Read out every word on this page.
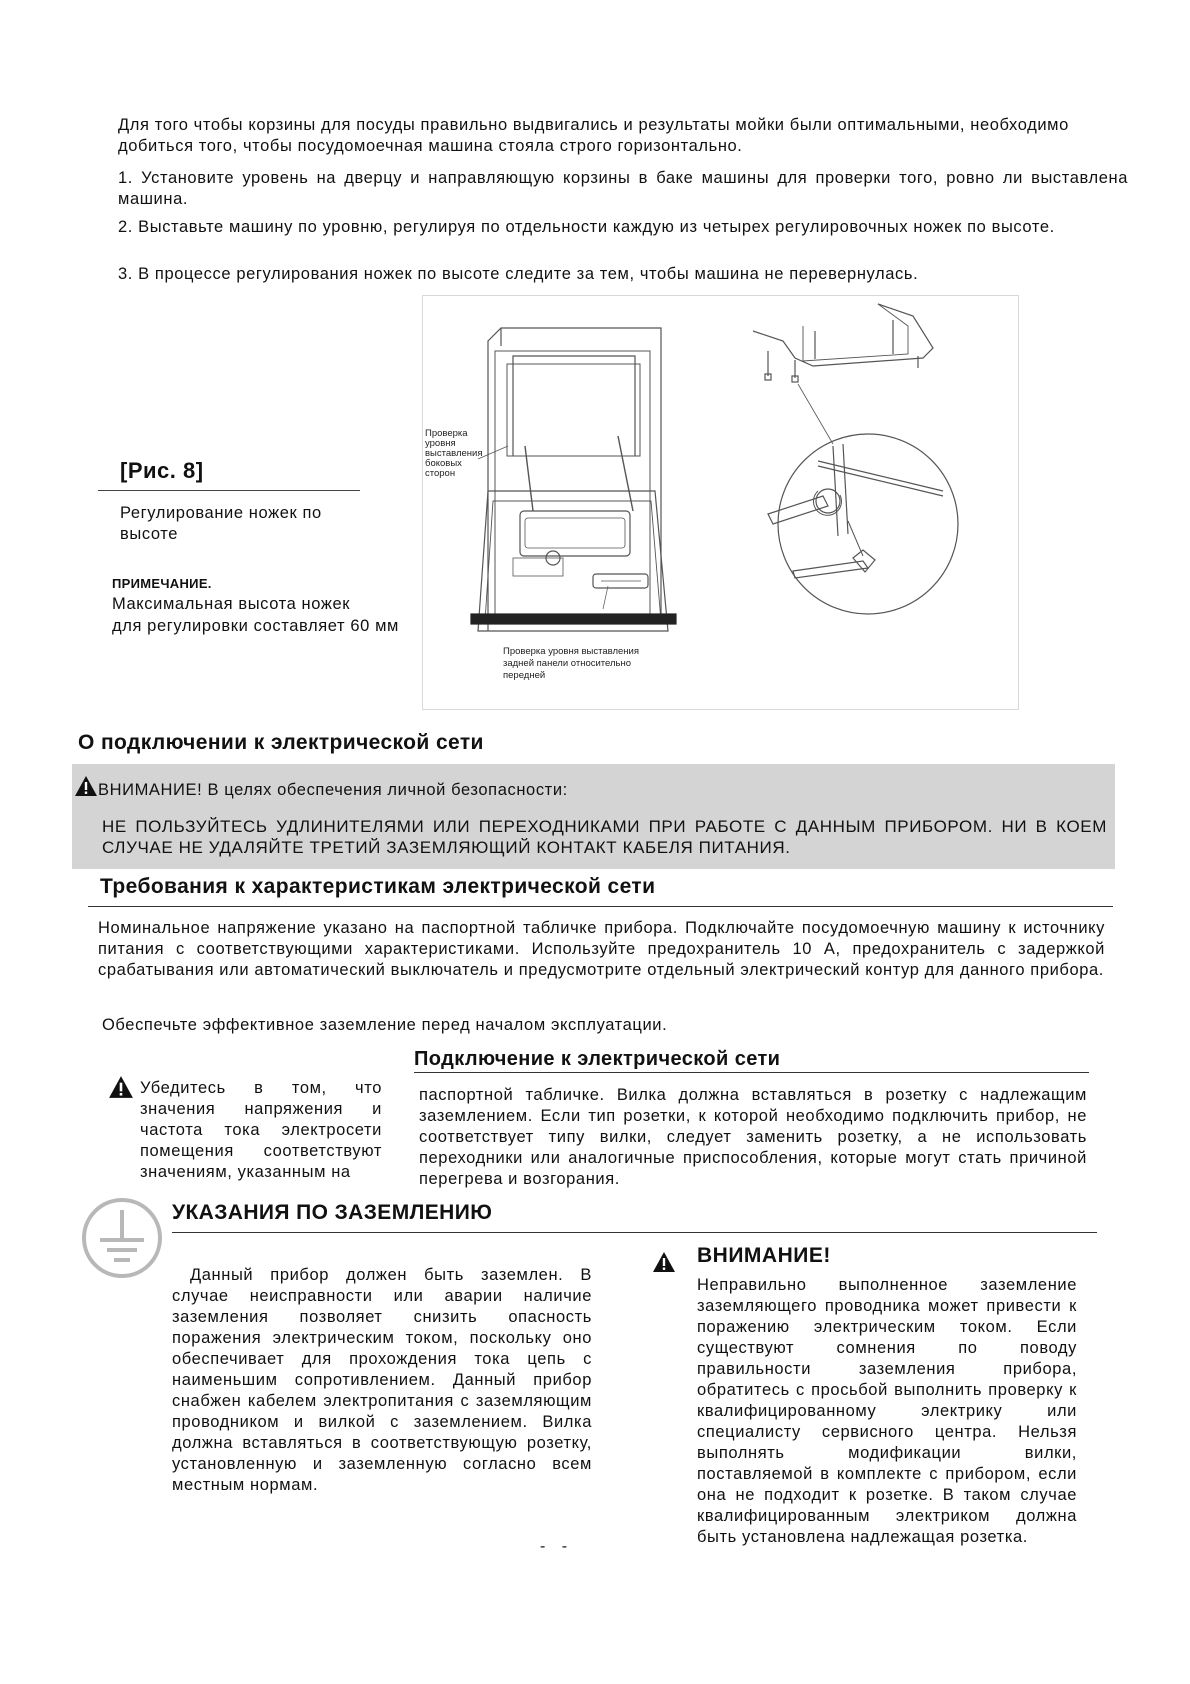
Для того чтобы корзины для посуды правильно выдвигались и результаты мойки были оптимальными, необходимо добиться того, чтобы посудомоечная машина стояла строго горизонтально.
1. Установите уровень на дверцу и направляющую корзины в баке машины для проверки того, ровно ли выставлена машина.
2. Выставьте машину по уровню, регулируя по отдельности каждую из четырех регулировочных ножек по высоте.
3. В процессе регулирования ножек по высоте следите за тем, чтобы машина не перевернулась.
[Рис. 8]
Регулирование ножек по высоте
ПРИМЕЧАНИЕ.
Максимальная высота ножек
для регулировки составляет 60 мм
Проверка
уровня
выставления
боковых
сторон
Проверка уровня выставления
задней панели относительно
передней
О подключении к электрической сети
ВНИМАНИЕ! В целях обеспечения личной безопасности:
НЕ ПОЛЬЗУЙТЕСЬ УДЛИНИТЕЛЯМИ ИЛИ ПЕРЕХОДНИКАМИ ПРИ РАБОТЕ С ДАННЫМ ПРИБОРОМ. НИ В КОЕМ СЛУЧАЕ НЕ УДАЛЯЙТЕ ТРЕТИЙ ЗАЗЕМЛЯЮЩИЙ КОНТАКТ КАБЕЛЯ ПИТАНИЯ.
Требования к характеристикам электрической сети
Номинальное напряжение указано на паспортной табличке прибора. Подключайте посудомоечную машину к источнику питания с соответствующими характеристиками. Используйте предохранитель 10 А, предохранитель с задержкой срабатывания или автоматический выключатель и предусмотрите отдельный электрический контур для данного прибора.
Обеспечьте эффективное заземление перед началом эксплуатации.
Подключение к электрической сети
Убедитесь в том, что значения напряжения и частота тока электросети помещения соответствуют значениям, указанным на
паспортной табличке. Вилка должна вставляться в розетку с надлежащим заземлением. Если тип розетки, к которой необходимо подключить прибор, не соответствует типу вилки, следует заменить розетку, а не использовать переходники или аналогичные приспособления, которые могут стать причиной перегрева и возгорания.
УКАЗАНИЯ ПО ЗАЗЕМЛЕНИЮ
Данный прибор должен быть заземлен. В случае неисправности или аварии наличие заземления позволяет снизить опасность поражения электрическим током, поскольку оно обеспечивает для прохождения тока цепь с наименьшим сопротивлением. Данный прибор снабжен кабелем электропитания с заземляющим проводником и вилкой с заземлением. Вилка должна вставляться в соответствующую розетку, установленную и заземленную согласно всем местным нормам.
ВНИМАНИЕ!
Неправильно выполненное заземление заземляющего проводника может привести к поражению электрическим током. Если существуют сомнения по поводу правильности заземления прибора, обратитесь с просьбой выполнить проверку к квалифицированному электрику или специалисту сервисного центра. Нельзя выполнять модификации вилки, поставляемой в комплекте с прибором, если она не подходит к розетке. В таком случае квалифицированным электриком должна быть установлена надлежащая розетка.
- -
